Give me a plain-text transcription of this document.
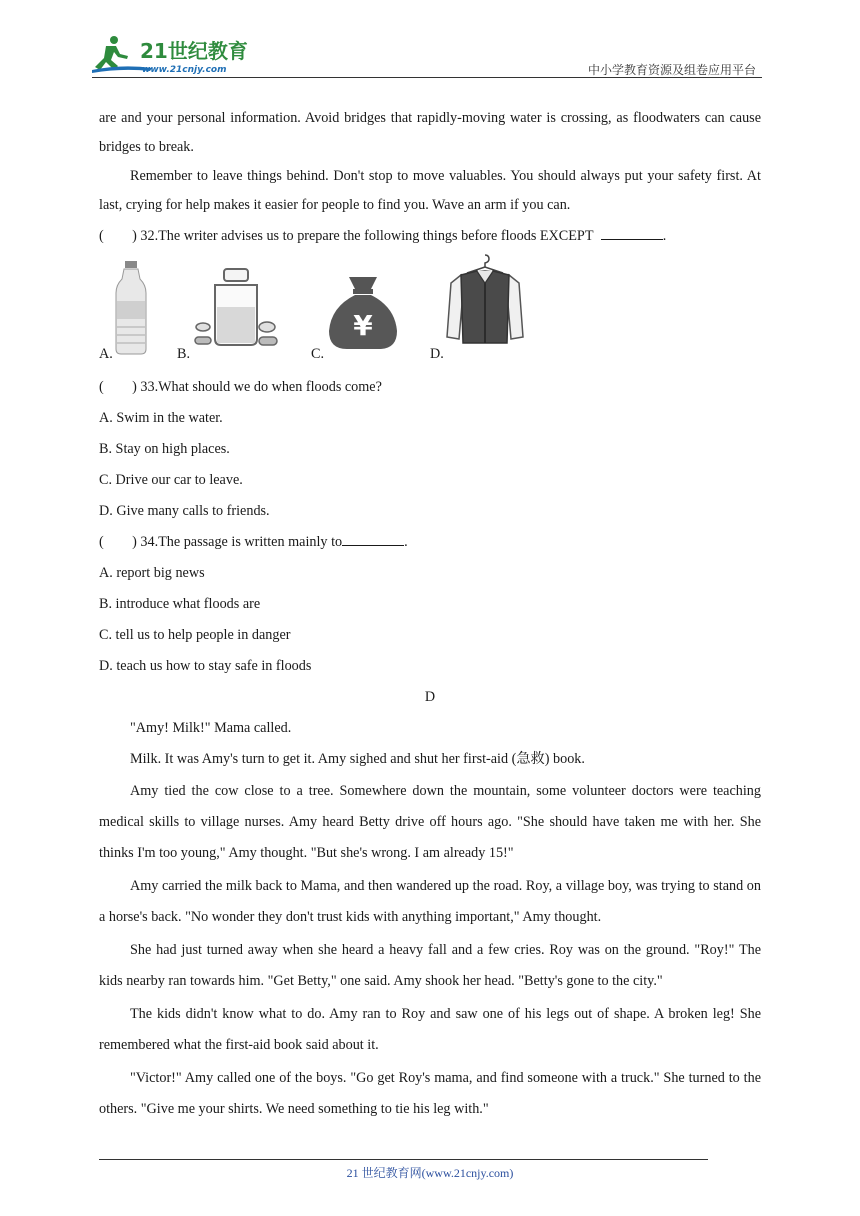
21世纪教育
www.21cnjy.com	中小学教育资源及组卷应用平台

are and your personal information. Avoid bridges that rapidly-moving water is crossing, as floodwaters can cause bridges to break.

Remember to leave things behind. Don't stop to move valuables. You should always put your safety first. At last, crying for help makes it easier for people to find you. Wave an arm if you can.

(        ) 32.The writer advises us to prepare the following things before floods EXCEPT	.

A.	B.	C.
¥
D.

(        ) 33.What should we do when floods come?

A. Swim in the water.

B. Stay on high places.

C. Drive our car to leave.

D. Give many calls to friends.

(        ) 34.The passage is written mainly to	.

A. report big news

B. introduce what floods are

C. tell us to help people in danger

D. teach us how to stay safe in floods

D

"Amy! Milk!" Mama called.

Milk. It was Amy's turn to get it. Amy sighed and shut her first-aid (急救) book.

Amy tied the cow close to a tree. Somewhere down the mountain, some volunteer doctors were teaching medical skills to village nurses. Amy heard Betty drive off hours ago. "She should have taken me with her. She thinks I'm too young," Amy thought. "But she's wrong. I am already 15!"

Amy carried the milk back to Mama, and then wandered up the road. Roy, a village boy, was trying to stand on a horse's back. "No wonder they don't trust kids with anything important," Amy thought.

She had just turned away when she heard a heavy fall and a few cries. Roy was on the ground. "Roy!" The kids nearby ran towards him. "Get Betty," one said. Amy shook her head. "Betty's gone to the city."

The kids didn't know what to do. Amy ran to Roy and saw one of his legs out of shape. A broken leg! She remembered what the first-aid book said about it.

"Victor!" Amy called one of the boys. "Go get Roy's mama, and find someone with a truck." She turned to the others. "Give me your shirts. We need something to tie his leg with."

21 世纪教育网(www.21cnjy.com)
